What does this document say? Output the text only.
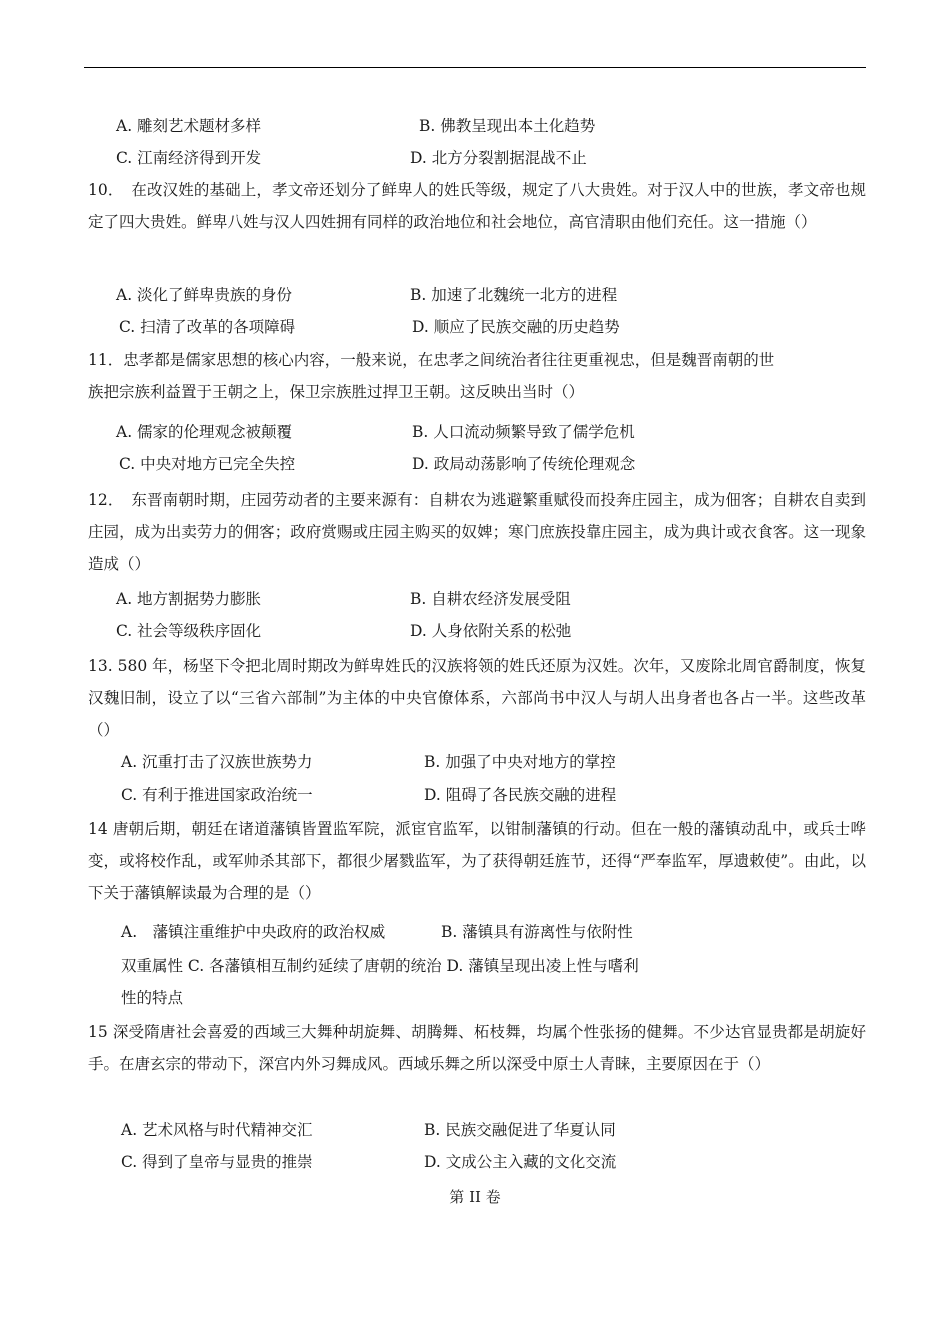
A. 雕刻艺术题材多样	B. 佛教呈现出本土化趋势
C. 江南经济得到开发	D. 北方分裂割据混战不止
10．　在改汉姓的基础上，孝文帝还划分了鲜卑人的姓氏等级，规定了八大贵姓。对于汉人中的世族，孝文帝也规定了四大贵姓。鲜卑八姓与汉人四姓拥有同样的政治地位和社会地位，高官清职由他们充任。这一措施（）
A. 淡化了鲜卑贵族的身份	B. 加速了北魏统一北方的进程
C. 扫清了改革的各项障碍	D. 顺应了民族交融的历史趋势
11．忠孝都是儒家思想的核心内容，一般来说，在忠孝之间统治者往往更重视忠，但是魏晋南朝的世
族把宗族利益置于王朝之上，保卫宗族胜过捍卫王朝。这反映出当时（）
A. 儒家的伦理观念被颠覆	B. 人口流动频繁导致了儒学危机
C. 中央对地方已完全失控	D. 政局动荡影响了传统伦理观念
12．　东晋南朝时期，庄园劳动者的主要来源有：自耕农为逃避繁重赋役而投奔庄园主，成为佃客；自耕农自卖到庄园，成为出卖劳力的佣客；政府赏赐或庄园主购买的奴婢；寒门庶族投靠庄园主，成为典计或衣食客。这一现象造成（）
A. 地方割据势力膨胀	B. 自耕农经济发展受阻
C. 社会等级秩序固化	D. 人身依附关系的松弛
13. 580 年，杨坚下令把北周时期改为鲜卑姓氏的汉族将领的姓氏还原为汉姓。次年，又废除北周官爵制度，恢复汉魏旧制，设立了以“三省六部制”为主体的中央官僚体系，六部尚书中汉人与胡人出身者也各占一半。这些改革（）
A. 沉重打击了汉族世族势力	B. 加强了中央对地方的掌控
C. 有利于推进国家政治统一	D. 阻碍了各民族交融的进程
14 唐朝后期，朝廷在诸道藩镇皆置监军院，派宦官监军，以钳制藩镇的行动。但在一般的藩镇动乱中，或兵士哗变，或将校作乱，或军帅杀其部下，都很少屠戮监军，为了获得朝廷旌节，还得“严奉监军，厚遗敕使”。由此，以下关于藩镇解读最为合理的是（）
A.　藩镇注重维护中央政府的政治权威	B. 藩镇具有游离性与依附性
双重属性 C. 各藩镇相互制约延续了唐朝的统治 D. 藩镇呈现出凌上性与嗜利
性的特点
15 深受隋唐社会喜爱的西域三大舞种胡旋舞、胡腾舞、柘枝舞，均属个性张扬的健舞。不少达官显贵都是胡旋好手。在唐玄宗的带动下，深宫内外习舞成风。西域乐舞之所以深受中原士人青睐，主要原因在于（）
A. 艺术风格与时代精神交汇	B. 民族交融促进了华夏认同
C. 得到了皇帝与显贵的推崇	D. 文成公主入藏的文化交流
第 II 卷
